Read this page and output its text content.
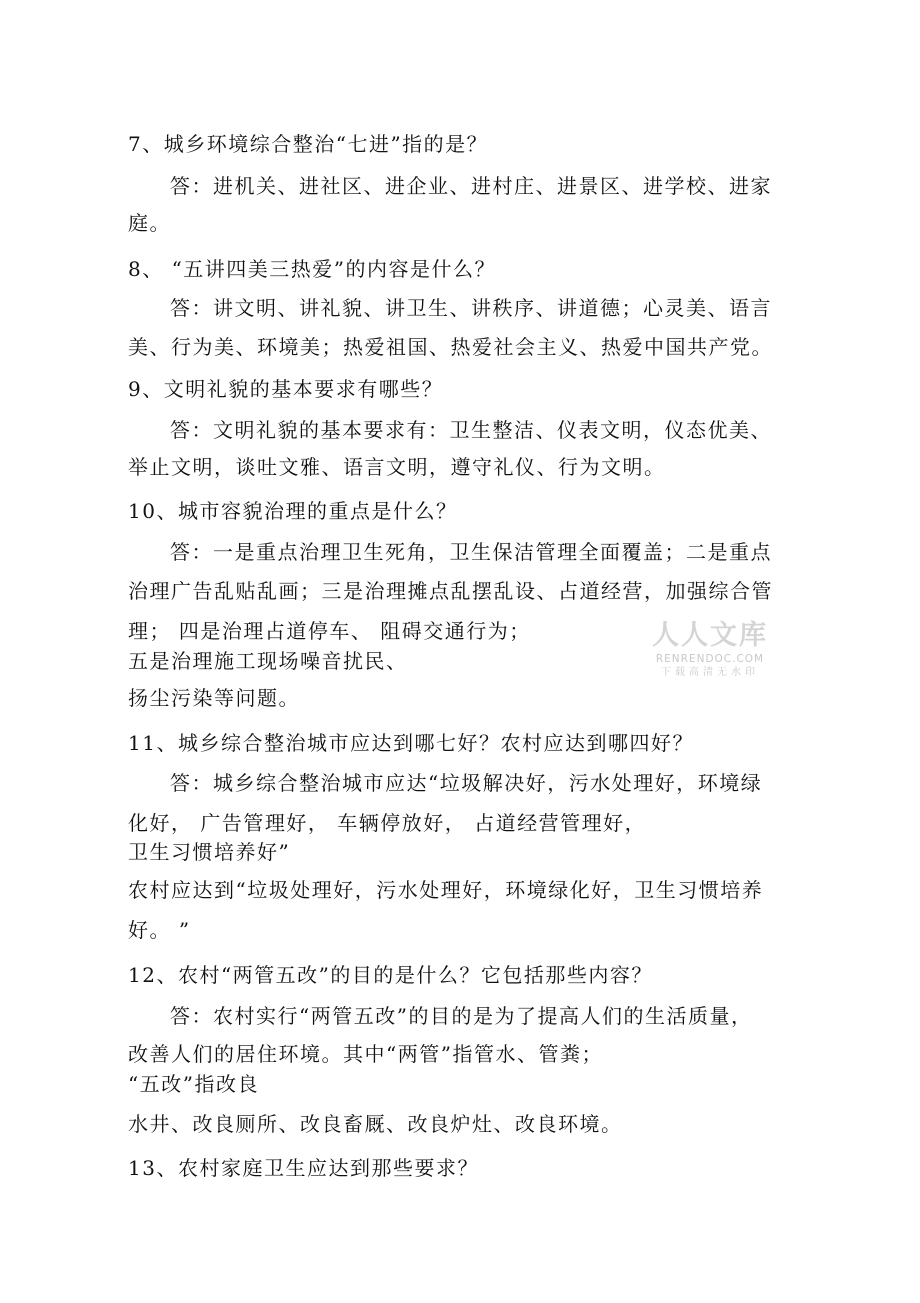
7、城乡环境综合整治“七进”指的是？
答：进机关、进社区、进企业、进村庄、进景区、进学校、进家
庭。
8、 “五讲四美三热爱”的内容是什么？
答：讲文明、讲礼貌、讲卫生、讲秩序、讲道德；心灵美、语言
美、行为美、环境美；热爱祖国、热爱社会主义、热爱中国共产党。
9、文明礼貌的基本要求有哪些？
答：文明礼貌的基本要求有：卫生整洁、仪表文明，仪态优美、
举止文明，谈吐文雅、语言文明，遵守礼仪、行为文明。
10、城市容貌治理的重点是什么？
答：一是重点治理卫生死角，卫生保洁管理全面覆盖；二是重点
治理广告乱贴乱画；三是治理摊点乱摆乱设、占道经营，加强综合管
理； 四是治理占道停车、 阻碍交通行为；
五是治理施工现场噪音扰民、
扬尘污染等问题。
11、城乡综合整治城市应达到哪七好？农村应达到哪四好？
答：城乡综合整治城市应达“垃圾解决好，污水处理好，环境绿
化好， 广告管理好， 车辆停放好， 占道经营管理好，
卫生习惯培养好”
农村应达到“垃圾处理好，污水处理好，环境绿化好，卫生习惯培养
好。 ”
12、农村“两管五改”的目的是什么？它包括那些内容？
答：农村实行“两管五改”的目的是为了提高人们的生活质量，
改善人们的居住环境。其中“两管”指管水、管粪；
“五改”指改良
水井、改良厕所、改良畜厩、改良炉灶、改良环境。
13、农村家庭卫生应达到那些要求？
人人文库
RENRENDOC.COM
下载高清无水印
